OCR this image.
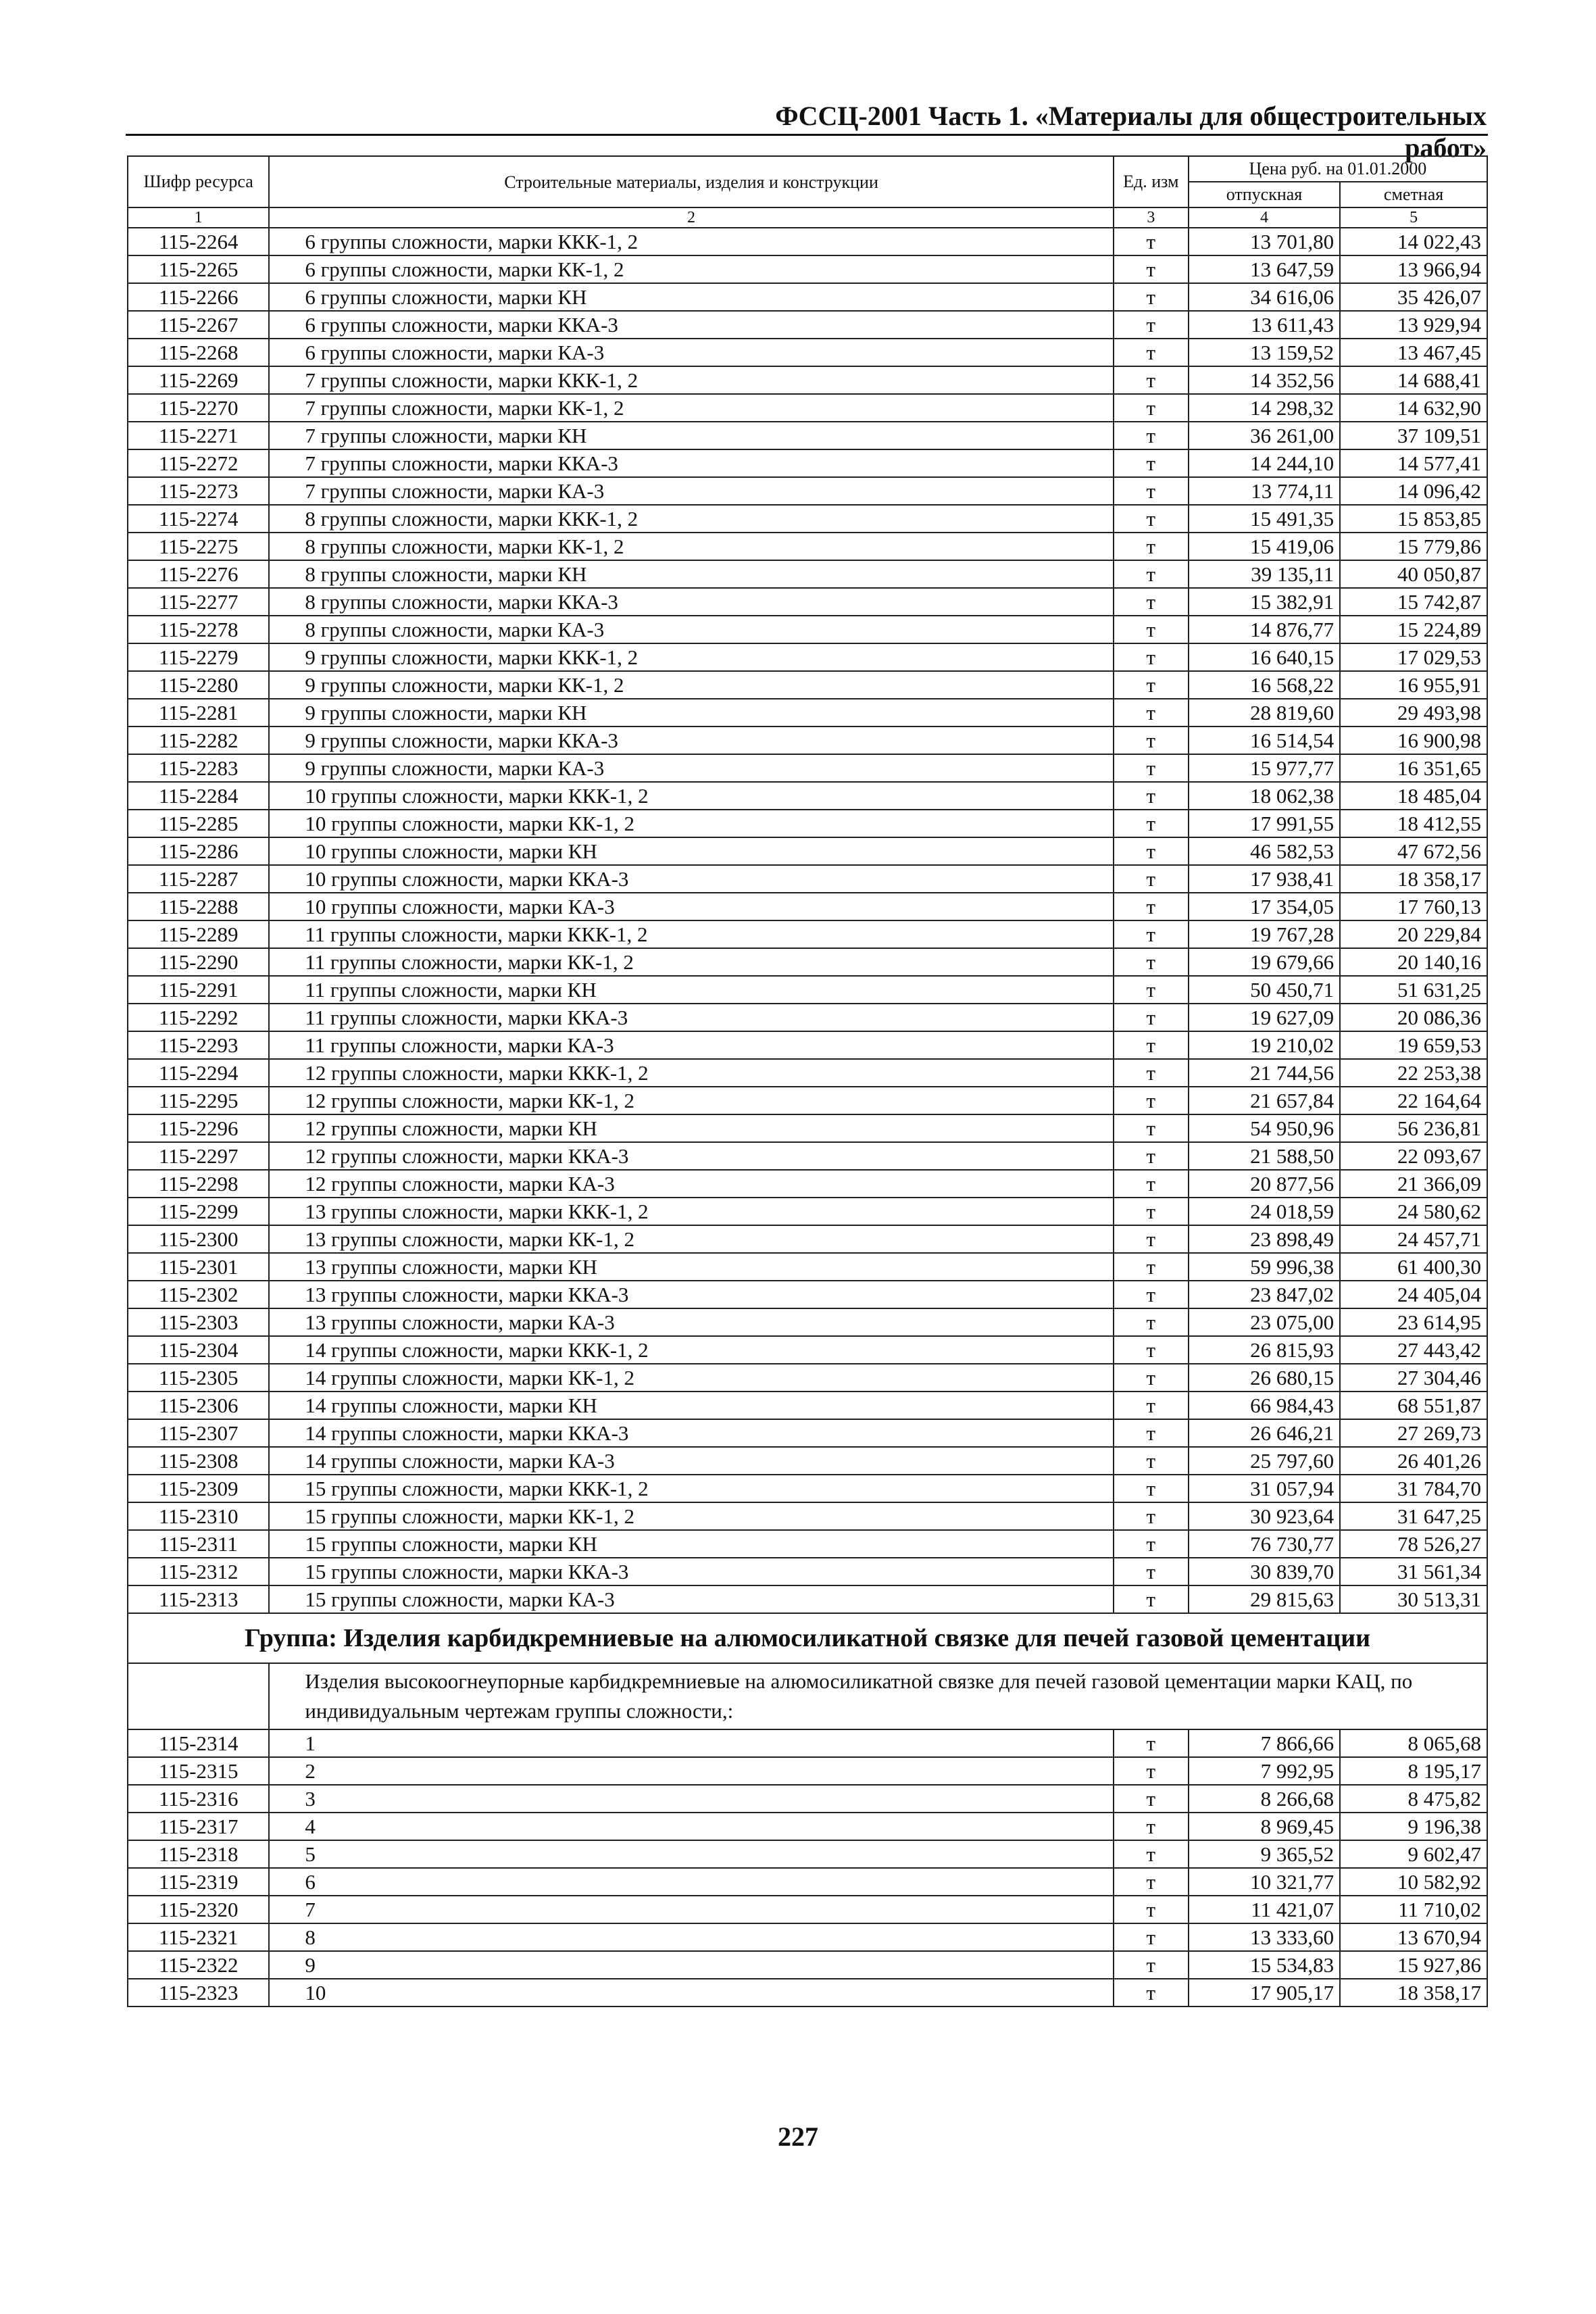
ФССЦ-2001 Часть 1. «Материалы для общестроительных работ»
Шифр ресурса	Строительные материалы, изделия и конструкции	Ед. изм	Цена руб. на 01.01.2000	
			отпускная	сметная
1	2	3	4	5
115-2264	6 группы сложности, марки ККК-1, 2	т	13 701,80	14 022,43
115-2265	6 группы сложности, марки КК-1, 2	т	13 647,59	13 966,94
115-2266	6 группы сложности, марки КН	т	34 616,06	35 426,07
115-2267	6 группы сложности, марки ККА-3	т	13 611,43	13 929,94
115-2268	6 группы сложности, марки КА-3	т	13 159,52	13 467,45
115-2269	7 группы сложности, марки ККК-1, 2	т	14 352,56	14 688,41
115-2270	7 группы сложности, марки КК-1, 2	т	14 298,32	14 632,90
115-2271	7 группы сложности, марки КН	т	36 261,00	37 109,51
115-2272	7 группы сложности, марки ККА-3	т	14 244,10	14 577,41
115-2273	7 группы сложности, марки КА-3	т	13 774,11	14 096,42
115-2274	8 группы сложности, марки ККК-1, 2	т	15 491,35	15 853,85
115-2275	8 группы сложности, марки КК-1, 2	т	15 419,06	15 779,86
115-2276	8 группы сложности, марки КН	т	39 135,11	40 050,87
115-2277	8 группы сложности, марки ККА-3	т	15 382,91	15 742,87
115-2278	8 группы сложности, марки КА-3	т	14 876,77	15 224,89
115-2279	9 группы сложности, марки ККК-1, 2	т	16 640,15	17 029,53
115-2280	9 группы сложности, марки КК-1, 2	т	16 568,22	16 955,91
115-2281	9 группы сложности, марки КН	т	28 819,60	29 493,98
115-2282	9 группы сложности, марки ККА-3	т	16 514,54	16 900,98
115-2283	9 группы сложности, марки КА-3	т	15 977,77	16 351,65
115-2284	10 группы сложности, марки ККК-1, 2	т	18 062,38	18 485,04
115-2285	10 группы сложности, марки КК-1, 2	т	17 991,55	18 412,55
115-2286	10 группы сложности, марки КН	т	46 582,53	47 672,56
115-2287	10 группы сложности, марки ККА-3	т	17 938,41	18 358,17
115-2288	10 группы сложности, марки КА-3	т	17 354,05	17 760,13
115-2289	11 группы сложности, марки ККК-1, 2	т	19 767,28	20 229,84
115-2290	11 группы сложности, марки КК-1, 2	т	19 679,66	20 140,16
115-2291	11 группы сложности, марки КН	т	50 450,71	51 631,25
115-2292	11 группы сложности, марки ККА-3	т	19 627,09	20 086,36
115-2293	11 группы сложности, марки КА-3	т	19 210,02	19 659,53
115-2294	12 группы сложности, марки ККК-1, 2	т	21 744,56	22 253,38
115-2295	12 группы сложности, марки КК-1, 2	т	21 657,84	22 164,64
115-2296	12 группы сложности, марки КН	т	54 950,96	56 236,81
115-2297	12 группы сложности, марки ККА-3	т	21 588,50	22 093,67
115-2298	12 группы сложности, марки КА-3	т	20 877,56	21 366,09
115-2299	13 группы сложности, марки ККК-1, 2	т	24 018,59	24 580,62
115-2300	13 группы сложности, марки КК-1, 2	т	23 898,49	24 457,71
115-2301	13 группы сложности, марки КН	т	59 996,38	61 400,30
115-2302	13 группы сложности, марки ККА-3	т	23 847,02	24 405,04
115-2303	13 группы сложности, марки КА-3	т	23 075,00	23 614,95
115-2304	14 группы сложности, марки ККК-1, 2	т	26 815,93	27 443,42
115-2305	14 группы сложности, марки КК-1, 2	т	26 680,15	27 304,46
115-2306	14 группы сложности, марки КН	т	66 984,43	68 551,87
115-2307	14 группы сложности, марки ККА-3	т	26 646,21	27 269,73
115-2308	14 группы сложности, марки КА-3	т	25 797,60	26 401,26
115-2309	15 группы сложности, марки ККК-1, 2	т	31 057,94	31 784,70
115-2310	15 группы сложности, марки КК-1, 2	т	30 923,64	31 647,25
115-2311	15 группы сложности, марки КН	т	76 730,77	78 526,27
115-2312	15 группы сложности, марки ККА-3	т	30 839,70	31 561,34
115-2313	15 группы сложности, марки КА-3	т	29 815,63	30 513,31
Группа: Изделия карбидкремниевые на алюмосиликатной связке для печей газовой цементации				
	Изделия высокоогнеупорные карбидкремниевые на алюмосиликатной связке для печей газовой цементации марки КАЦ, по индивидуальным чертежам группы сложности,:			
115-2314	1	т	7 866,66	8 065,68
115-2315	2	т	7 992,95	8 195,17
115-2316	3	т	8 266,68	8 475,82
115-2317	4	т	8 969,45	9 196,38
115-2318	5	т	9 365,52	9 602,47
115-2319	6	т	10 321,77	10 582,92
115-2320	7	т	11 421,07	11 710,02
115-2321	8	т	13 333,60	13 670,94
115-2322	9	т	15 534,83	15 927,86
115-2323	10	т	17 905,17	18 358,17
227
